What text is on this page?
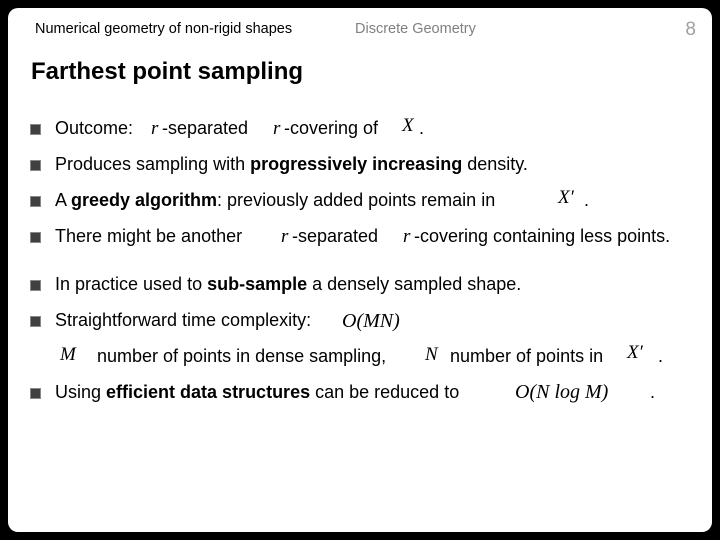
Numerical geometry of non-rigid shapes	Discrete Geometry	8
Farthest point sampling
Outcome: r -separated r -covering of X .
Produces sampling with progressively increasing density.
A greedy algorithm: previously added points remain in	X′ .
There might be another r -separated r -covering containing less points.
In practice used to sub-sample a densely sampled shape.
Straightforward time complexity: O(MN)
M number of points in dense sampling, N number of points in X′ .
Using efficient data structures can be reduced to	O(N log M) .
